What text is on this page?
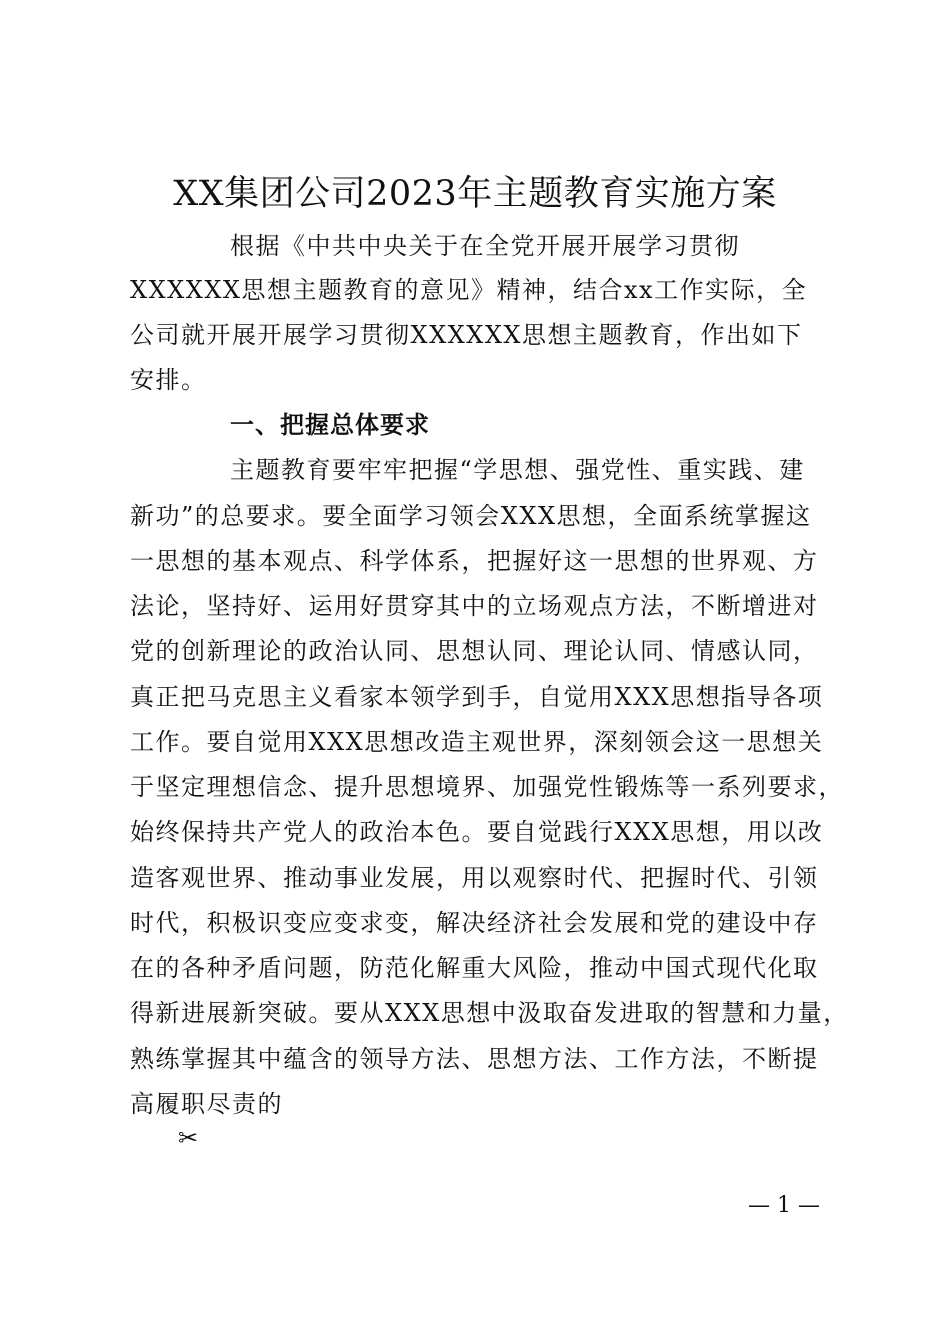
XX集团公司2023年主题教育实施方案
根据《中共中央关于在全党开展开展学习贯彻
XXXXXX思想主题教育的意见》精神，结合xx工作实际，全
公司就开展开展学习贯彻XXXXXX思想主题教育，作出如下
安排。
一、把握总体要求
主题教育要牢牢把握“学思想、强党性、重实践、建
新功”的总要求。要全面学习领会XXX思想，全面系统掌握这
一思想的基本观点、科学体系，把握好这一思想的世界观、方
法论，坚持好、运用好贯穿其中的立场观点方法，不断增进对
党的创新理论的政治认同、思想认同、理论认同、情感认同，
真正把马克思主义看家本领学到手，自觉用XXX思想指导各项
工作。要自觉用XXX思想改造主观世界，深刻领会这一思想关
于坚定理想信念、提升思想境界、加强党性锻炼等一系列要求，
始终保持共产党人的政治本色。要自觉践行XXX思想，用以改
造客观世界、推动事业发展，用以观察时代、把握时代、引领
时代，积极识变应变求变，解决经济社会发展和党的建设中存
在的各种矛盾问题，防范化解重大风险，推动中国式现代化取
得新进展新突破。要从XXX思想中汲取奋发进取的智慧和力量，
熟练掌握其中蕴含的领导方法、思想方法、工作方法，不断提
高履职尽责的
✂
— 1 —
